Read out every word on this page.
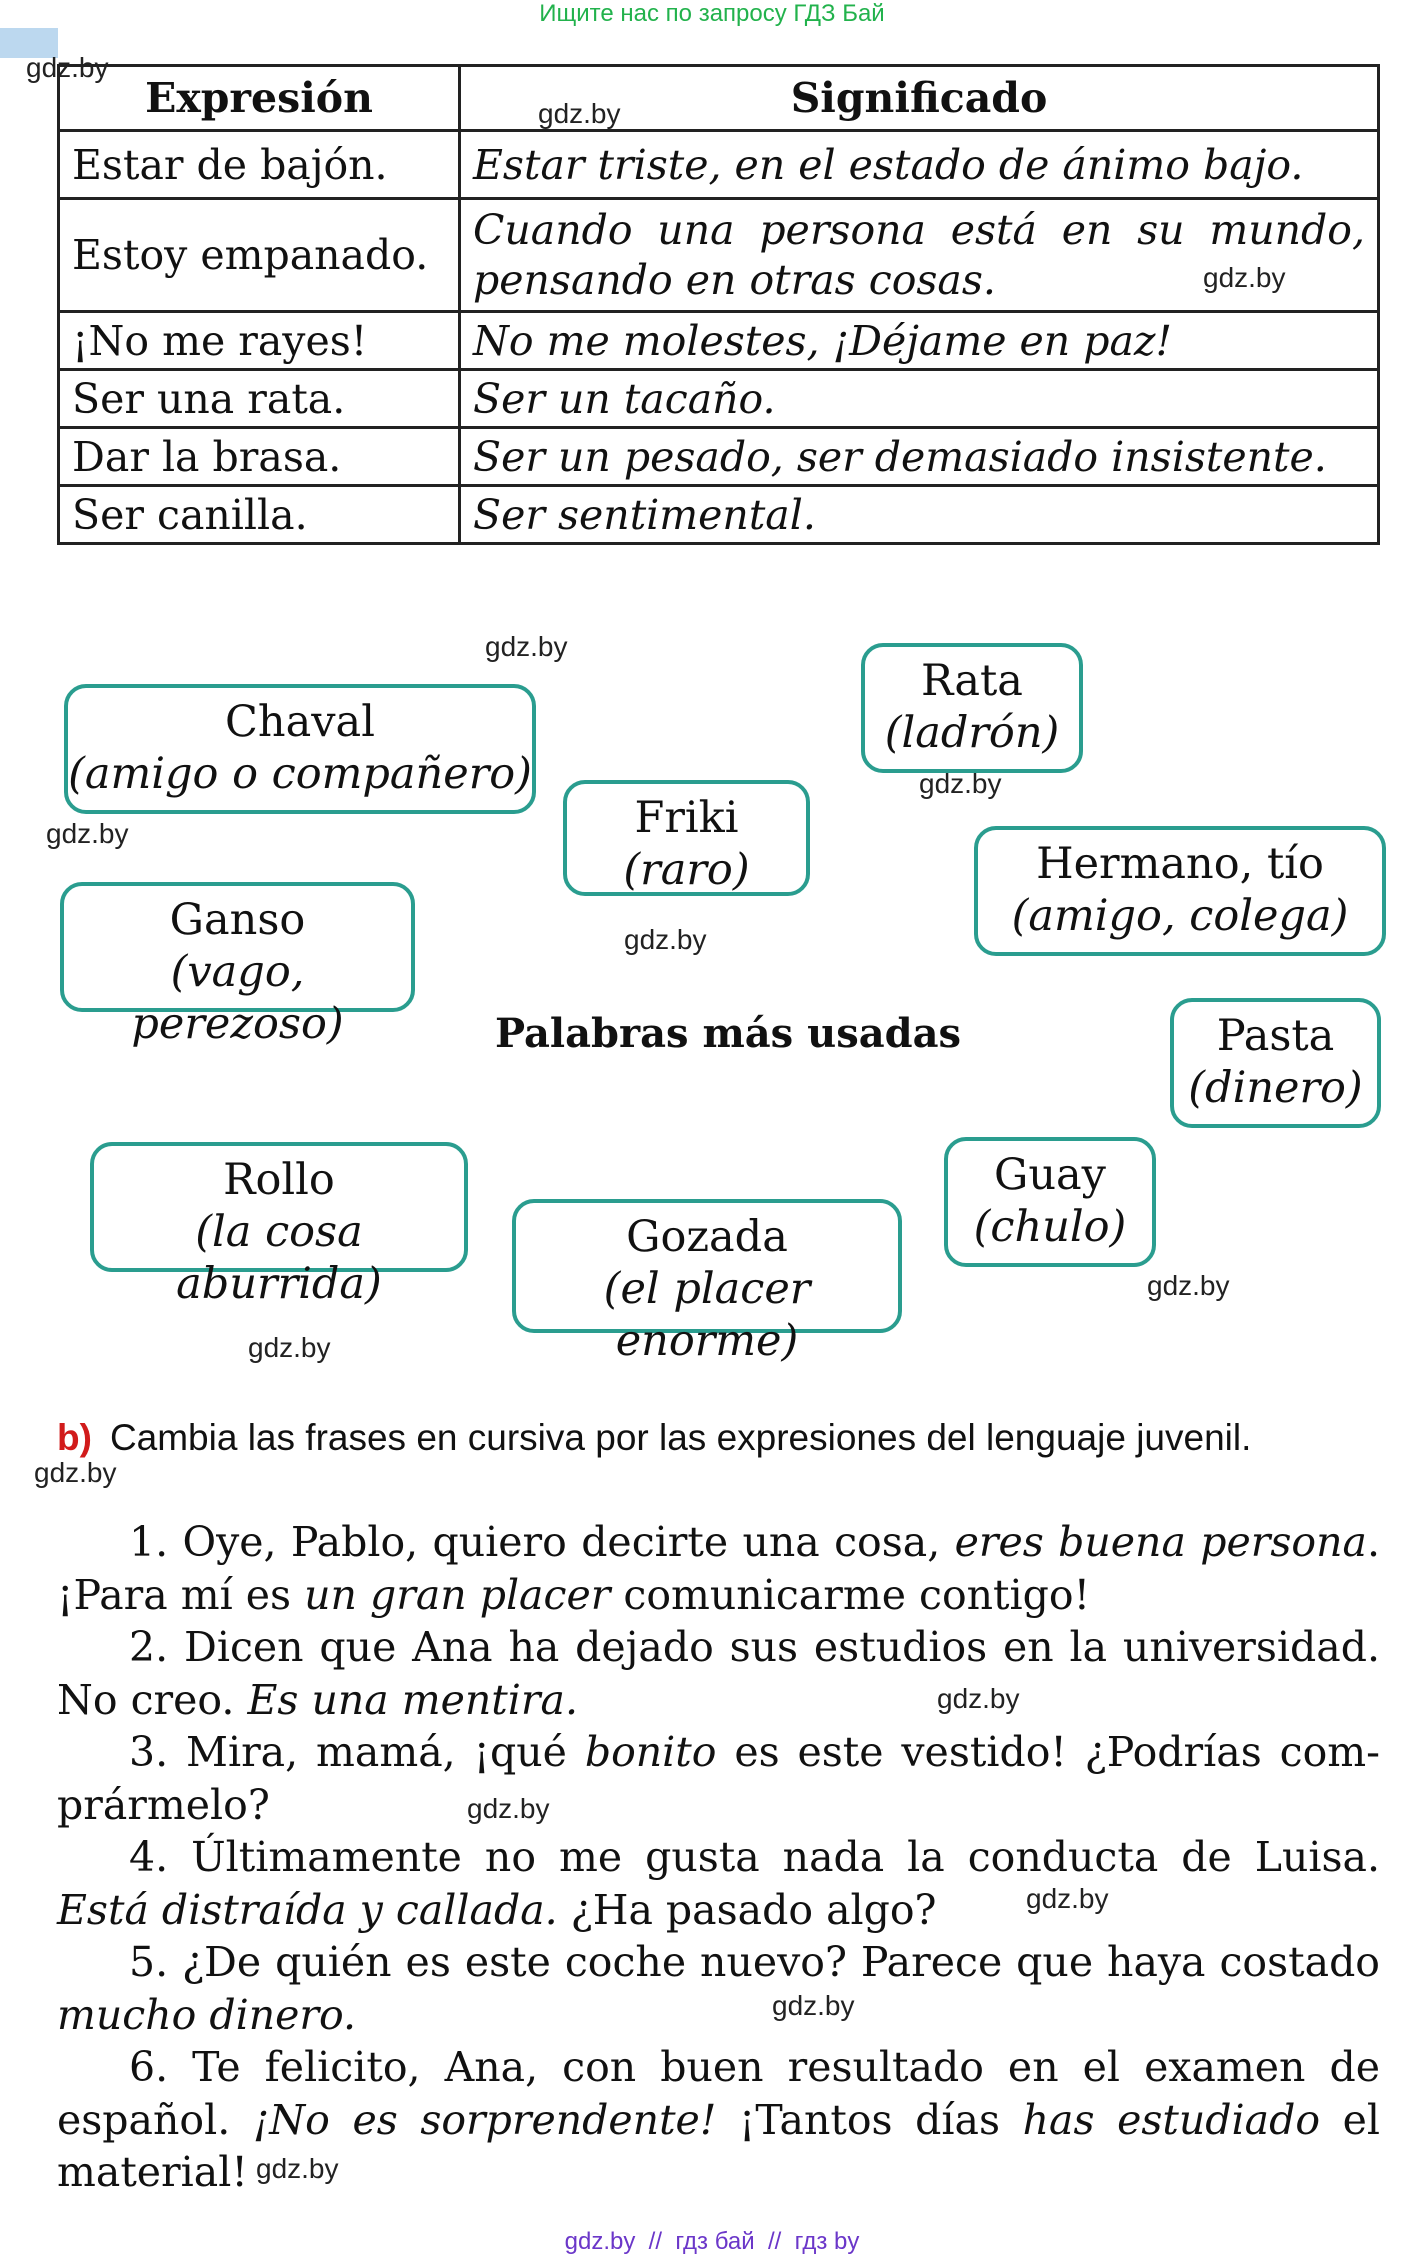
Ищите нас по запросу ГДЗ Бай
Expresión	Significado
Estar de bajón.	Estar triste, en el estado de ánimo bajo.
Estoy empanado.	Cuando una persona está en su mundo,
pensando en otras cosas.

¡No me rayes!	No me molestes, ¡Déjame en paz!
Ser una rata.	Ser un tacaño.
Dar la brasa.	Ser un pesado, ser demasiado insistente.
Ser canilla.	Ser sentimental.
Chaval
(amigo o compañero)
Rata
(ladrón)
Friki
(raro)	Hermano, tío
(amigo, colega)
Ganso
(vago, perezoso)	Pasta
(dinero)
Rollo
(la cosa aburrida)
Guay
(chulo)
Gozada
(el placer enorme)
Palabras más usadas
b) Cambia las frases en cursiva por las expresiones del lenguaje juvenil.

1. Oye, Pablo, quiero decirte una cosa, eres buena persona. ¡Para mí es un gran placer comunicarme contigo!

2. Dicen que Ana ha dejado sus estudios en la universidad. No creo. Es una mentira.

3. Mira, mamá, ¡qué bonito es este vestido! ¿Podrías comprármelo?

4. Últimamente no me gusta nada la conducta de Luisa. Está distraída y callada. ¿Ha pasado algo?

5. ¿De quién es este coche nuevo? Parece que haya costado mucho dinero.

6. Te felicito, Ana, con buen resultado en el examen de español. ¡No es sorprendente! ¡Tantos días has estudiado el material!

gdz.by
gdz.by
gdz.by
gdz.by
gdz.by
gdz.by
gdz.by
gdz.by
gdz.by
gdz.by
gdz.by
gdz.by
gdz.by
gdz.by
gdz.by
gdz.by  //  гдз бай  //  гдз by
